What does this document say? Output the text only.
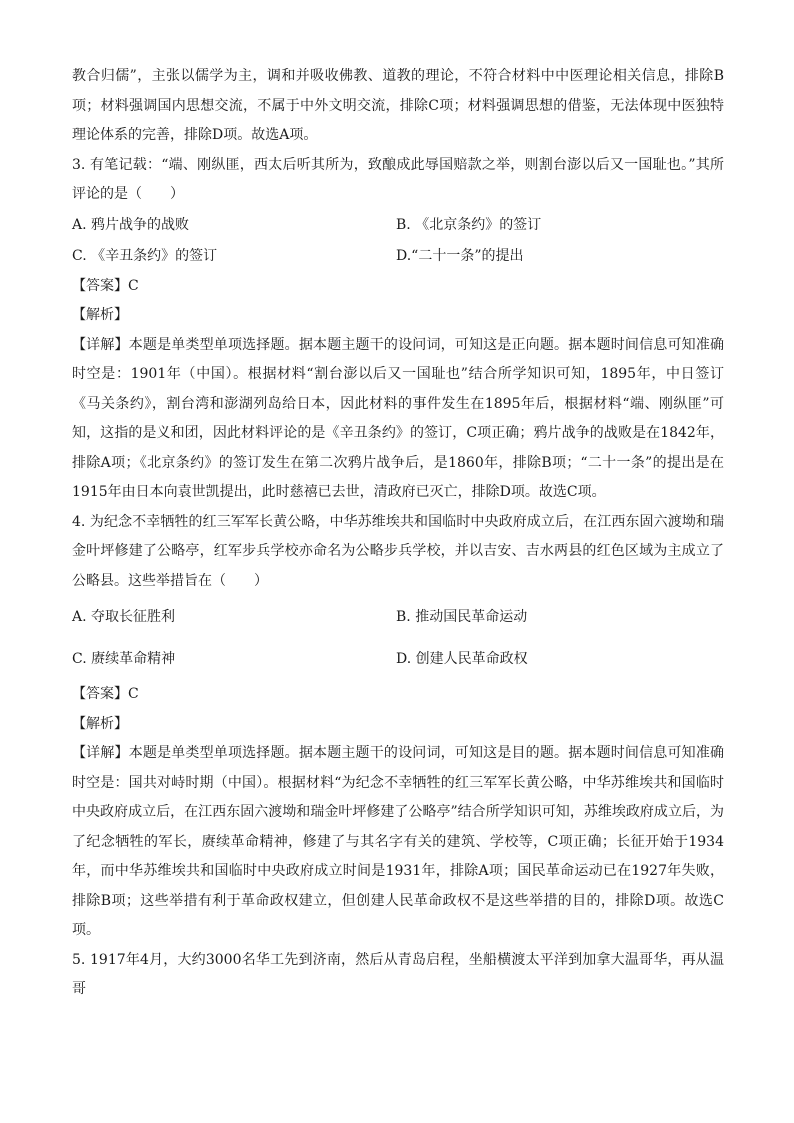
教合归儒”，主张以儒学为主，调和并吸收佛教、道教的理论，不符合材料中中医理论相关信息，排除B项；材料强调国内思想交流，不属于中外文明交流，排除C项；材料强调思想的借鉴，无法体现中医独特理论体系的完善，排除D项。故选A项。

3. 有笔记载：“端、刚纵匪，西太后听其所为，致酿成此辱国赔款之举，则割台澎以后又一国耻也。”其所评论的是（　　）

A. 鸦片战争的战败	B. 《北京条约》的签订
C. 《辛丑条约》的签订	D.“二十一条”的提出

【答案】C

【解析】

【详解】本题是单类型单项选择题。据本题主题干的设问词，可知这是正向题。据本题时间信息可知准确时空是：1901年（中国）。根据材料“割台澎以后又一国耻也”结合所学知识可知，1895年，中日签订《马关条约》，割台湾和澎湖列岛给日本，因此材料的事件发生在1895年后，根据材料“端、刚纵匪”可知，这指的是义和团，因此材料评论的是《辛丑条约》的签订，C项正确；鸦片战争的战败是在1842年，排除A项；《北京条约》的签订发生在第二次鸦片战争后，是1860年，排除B项；“二十一条”的提出是在1915年由日本向袁世凯提出，此时慈禧已去世，清政府已灭亡，排除D项。故选C项。

4. 为纪念不幸牺牲的红三军军长黄公略，中华苏维埃共和国临时中央政府成立后，在江西东固六渡坳和瑞金叶坪修建了公略亭，红军步兵学校亦命名为公略步兵学校，并以吉安、吉水两县的红色区域为主成立了公略县。这些举措旨在（　　）

A. 夺取长征胜利	B. 推动国民革命运动
C. 赓续革命精神	D. 创建人民革命政权

【答案】C

【解析】

【详解】本题是单类型单项选择题。据本题主题干的设问词，可知这是目的题。据本题时间信息可知准确时空是：国共对峙时期（中国）。根据材料“为纪念不幸牺牲的红三军军长黄公略，中华苏维埃共和国临时中央政府成立后，在江西东固六渡坳和瑞金叶坪修建了公略亭”结合所学知识可知，苏维埃政府成立后，为了纪念牺牲的军长，赓续革命精神，修建了与其名字有关的建筑、学校等，C项正确；长征开始于1934年，而中华苏维埃共和国临时中央政府成立时间是1931年，排除A项；国民革命运动已在1927年失败，排除B项；这些举措有利于革命政权建立，但创建人民革命政权不是这些举措的目的，排除D项。故选C项。

5. 1917年4月，大约3000名华工先到济南，然后从青岛启程，坐船横渡太平洋到加拿大温哥华，再从温哥
